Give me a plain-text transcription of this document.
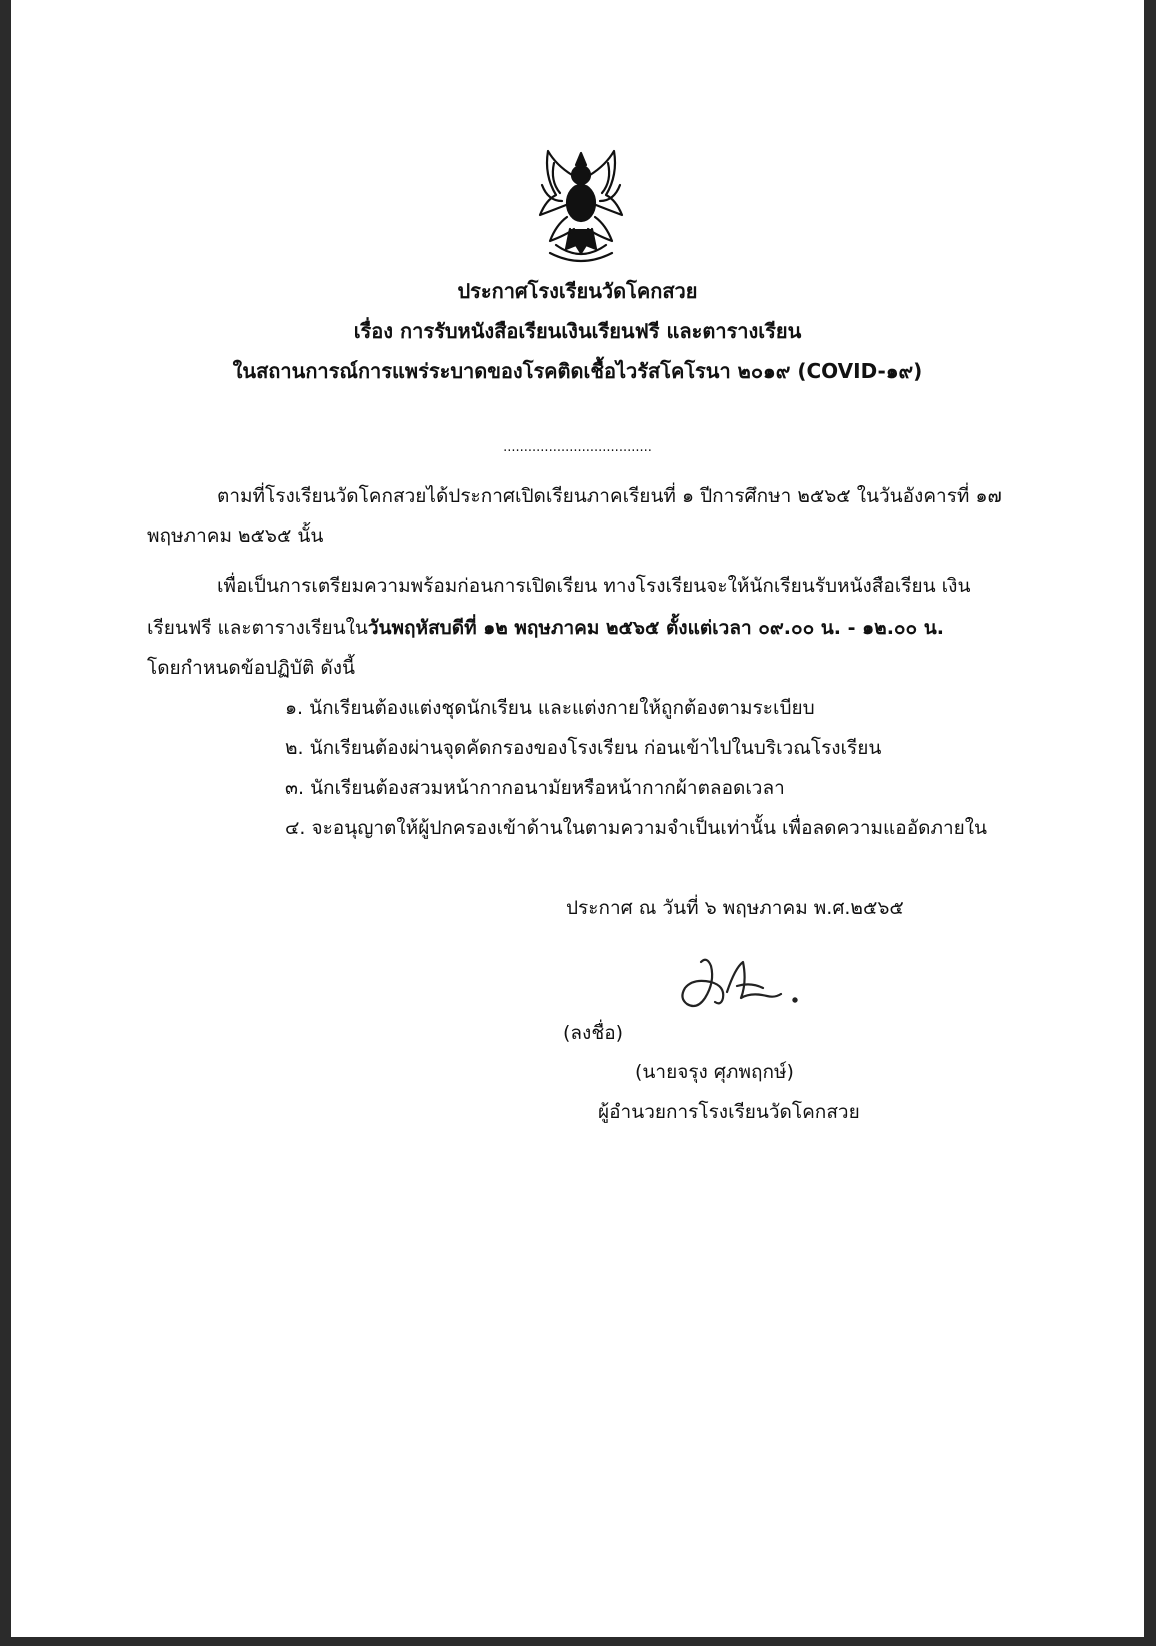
ประกาศโรงเรียนวัดโคกสวย
เรื่อง การรับหนังสือเรียนเงินเรียนฟรี และตารางเรียน
ในสถานการณ์การแพร่ระบาดของโรคติดเชื้อไวรัสโคโรนา ๒๐๑๙ (COVID-๑๙)
....................................
ตามที่โรงเรียนวัดโคกสวยได้ประกาศเปิดเรียนภาคเรียนที่ ๑ ปีการศึกษา ๒๕๖๕ ในวันอังคารที่ ๑๗
พฤษภาคม ๒๕๖๕ นั้น
เพื่อเป็นการเตรียมความพร้อมก่อนการเปิดเรียน ทางโรงเรียนจะให้นักเรียนรับหนังสือเรียน เงิน
เรียนฟรี และตารางเรียนในวันพฤหัสบดีที่ ๑๒ พฤษภาคม ๒๕๖๕ ตั้งแต่เวลา ๐๙.๐๐ น. - ๑๒.๐๐ น.
โดยกำหนดข้อปฏิบัติ ดังนี้
๑. นักเรียนต้องแต่งชุดนักเรียน และแต่งกายให้ถูกต้องตามระเบียบ
๒. นักเรียนต้องผ่านจุดคัดกรองของโรงเรียน ก่อนเข้าไปในบริเวณโรงเรียน
๓. นักเรียนต้องสวมหน้ากากอนามัยหรือหน้ากากผ้าตลอดเวลา
๔. จะอนุญาตให้ผู้ปกครองเข้าด้านในตามความจำเป็นเท่านั้น เพื่อลดความแออัดภายใน
ประกาศ ณ วันที่ ๖ พฤษภาคม พ.ศ.๒๕๖๕
(ลงชื่อ)
(นายจรุง ศุภพฤกษ์)
ผู้อำนวยการโรงเรียนวัดโคกสวย
